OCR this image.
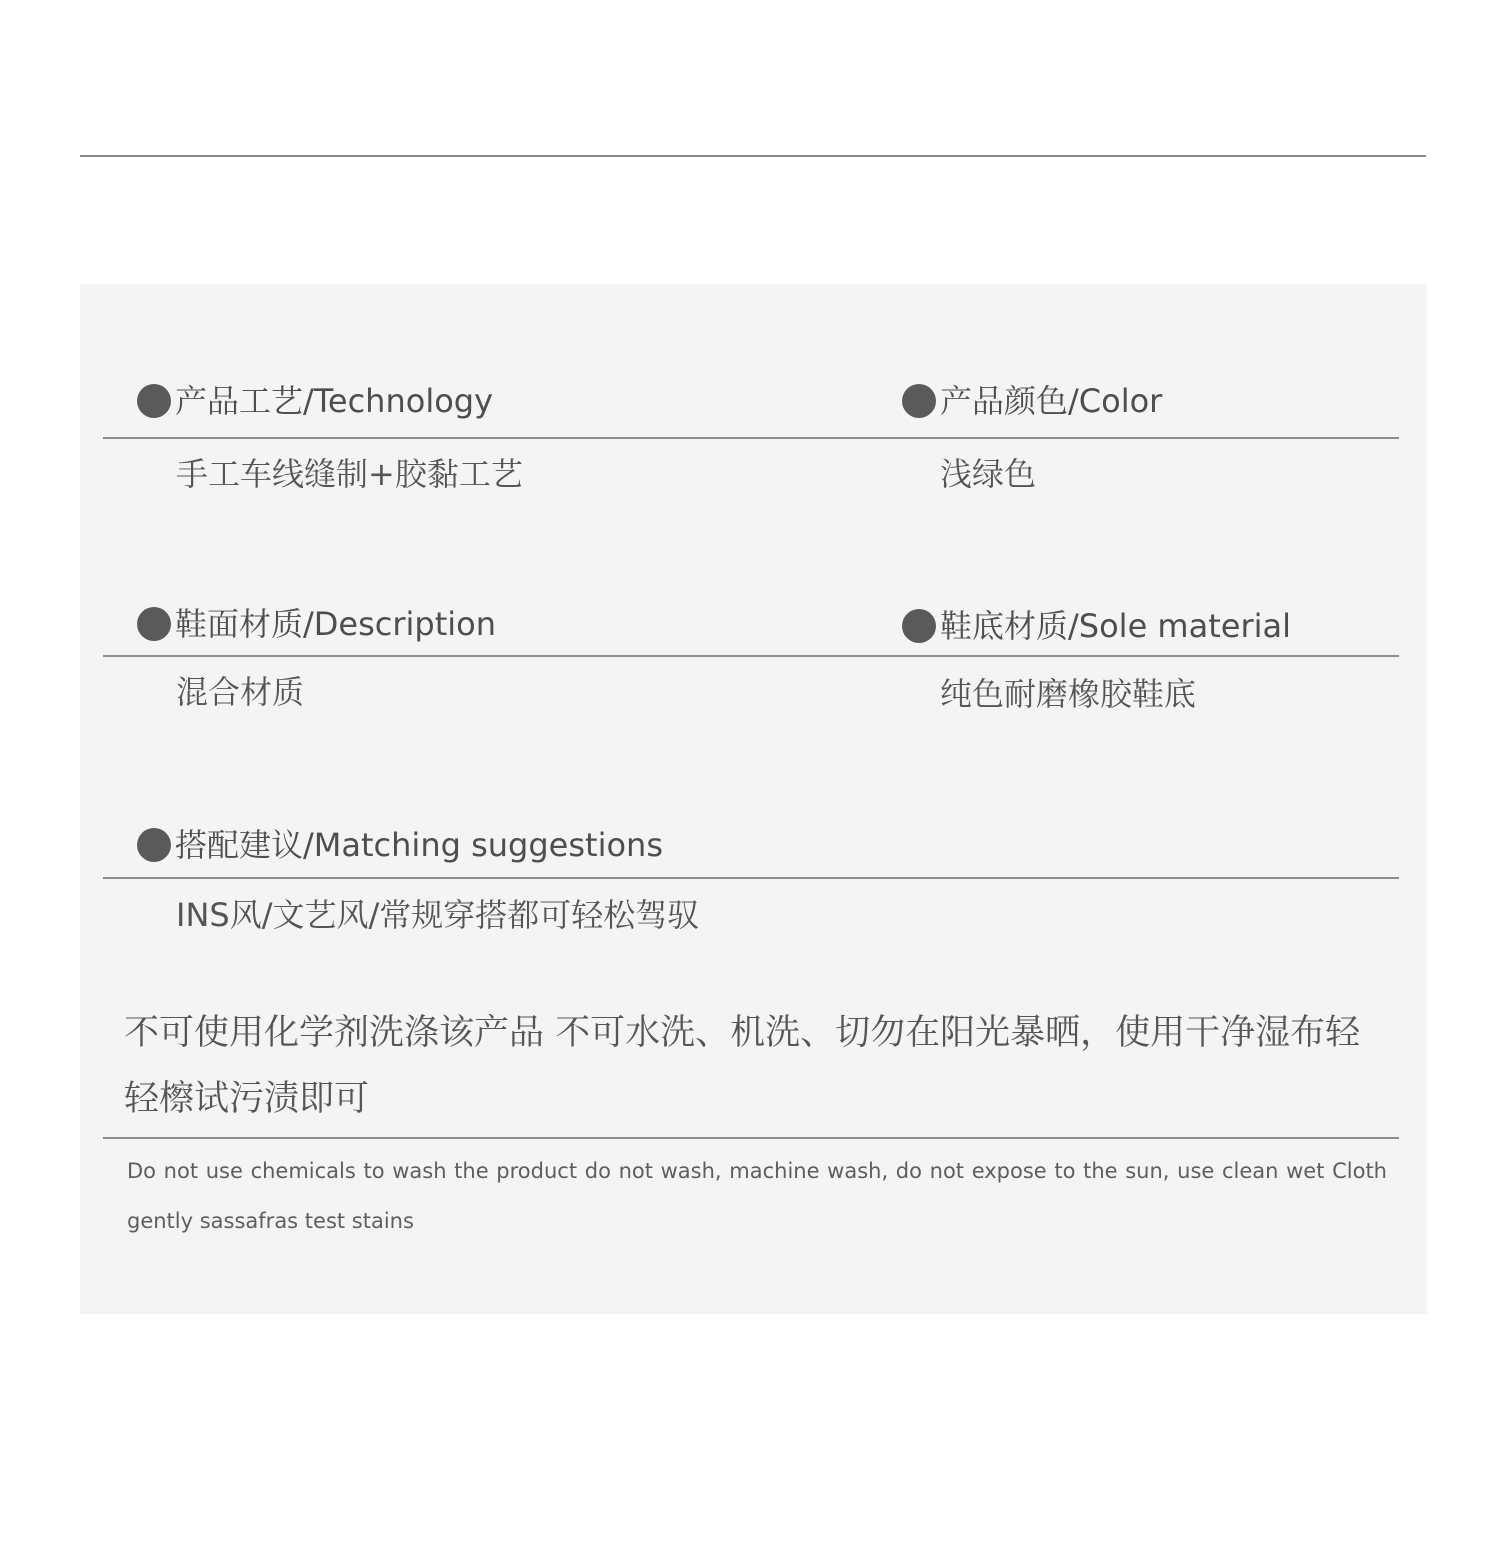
产品工艺/Technology	产品颜色/Color
手工车线缝制+胶黏工艺	浅绿色
鞋面材质/Description	鞋底材质/Sole material
混合材质	纯色耐磨橡胶鞋底
搭配建议/Matching suggestions
INS风/文艺风/常规穿搭都可轻松驾驭
不可使用化学剂洗涤该产品 不可水洗、机洗、切勿在阳光暴晒，使用干净湿布轻轻檫试污渍即可
Do not use chemicals to wash the product do not wash, machine wash, do not expose to the sun, use clean wet Cloth gently sassafras test stains
